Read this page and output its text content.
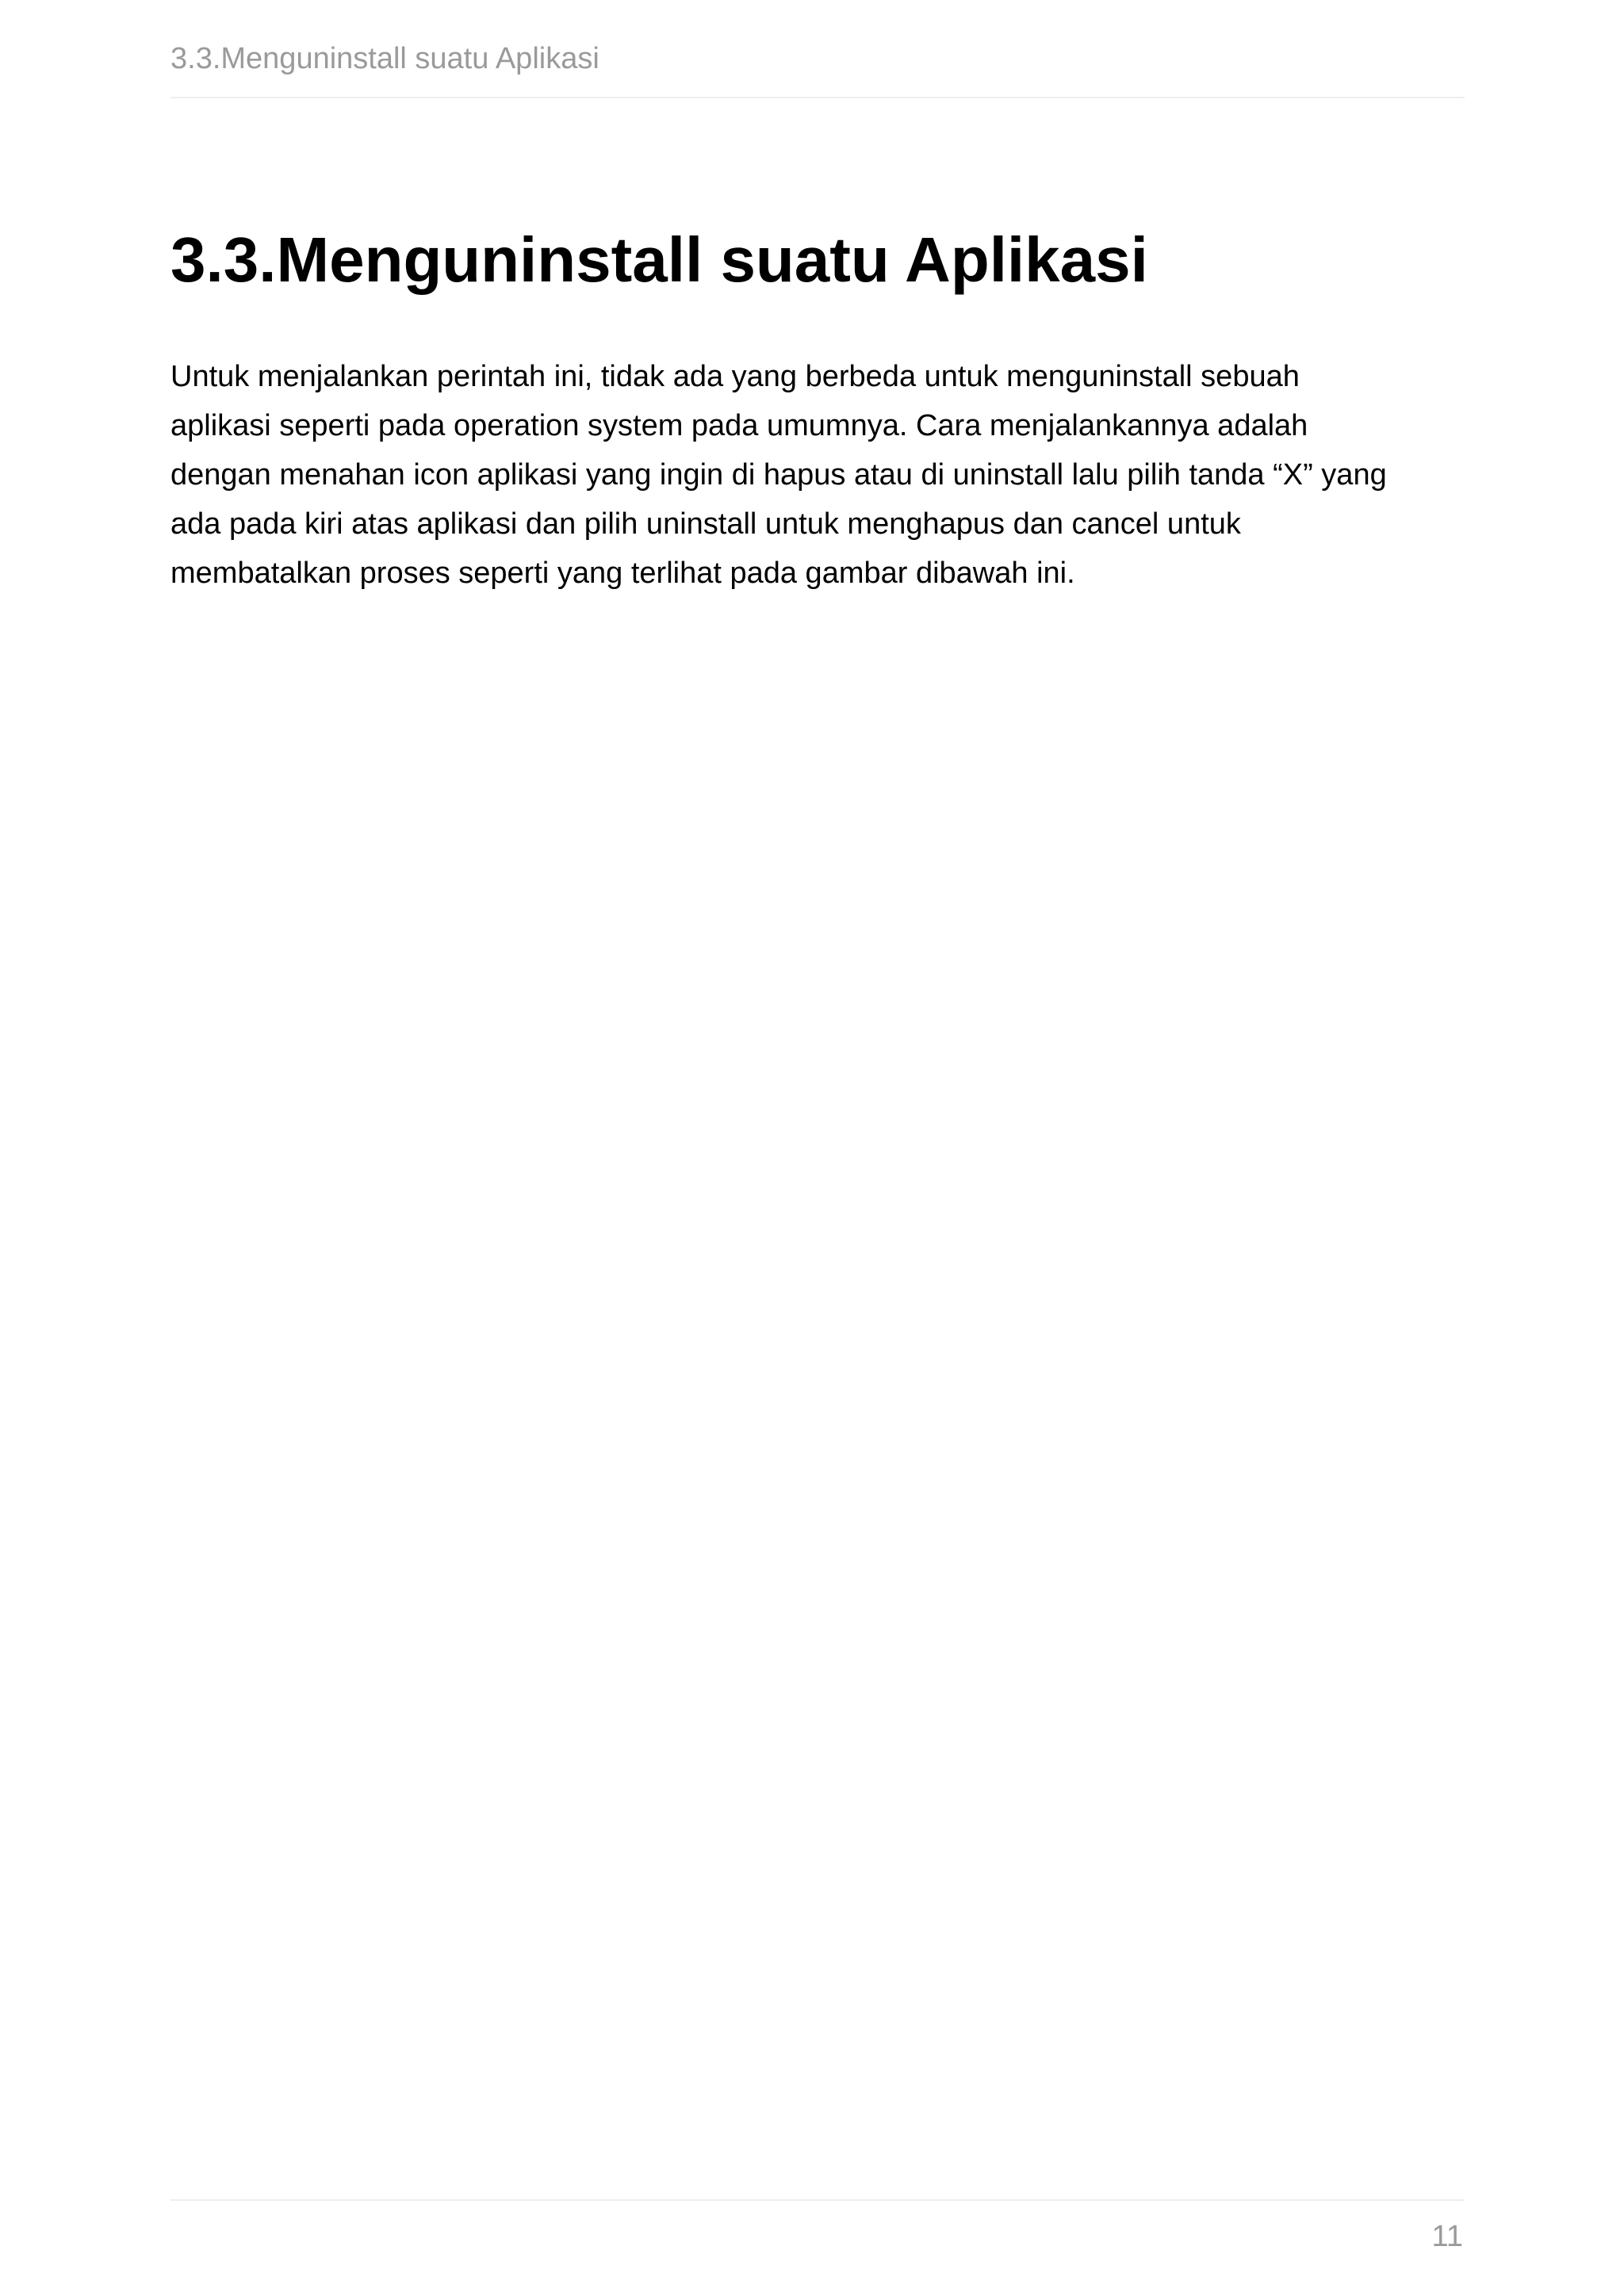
3.3.Menguninstall suatu Aplikasi
3.3.Menguninstall suatu Aplikasi

Untuk menjalankan perintah ini, tidak ada yang berbeda untuk menguninstall sebuah
aplikasi seperti pada operation system pada umumnya. Cara menjalankannya adalah
dengan menahan icon aplikasi yang ingin di hapus atau di uninstall lalu pilih tanda “X” yang
ada pada kiri atas aplikasi dan pilih uninstall untuk menghapus dan cancel untuk
membatalkan proses seperti yang terlihat pada gambar dibawah ini.

11
